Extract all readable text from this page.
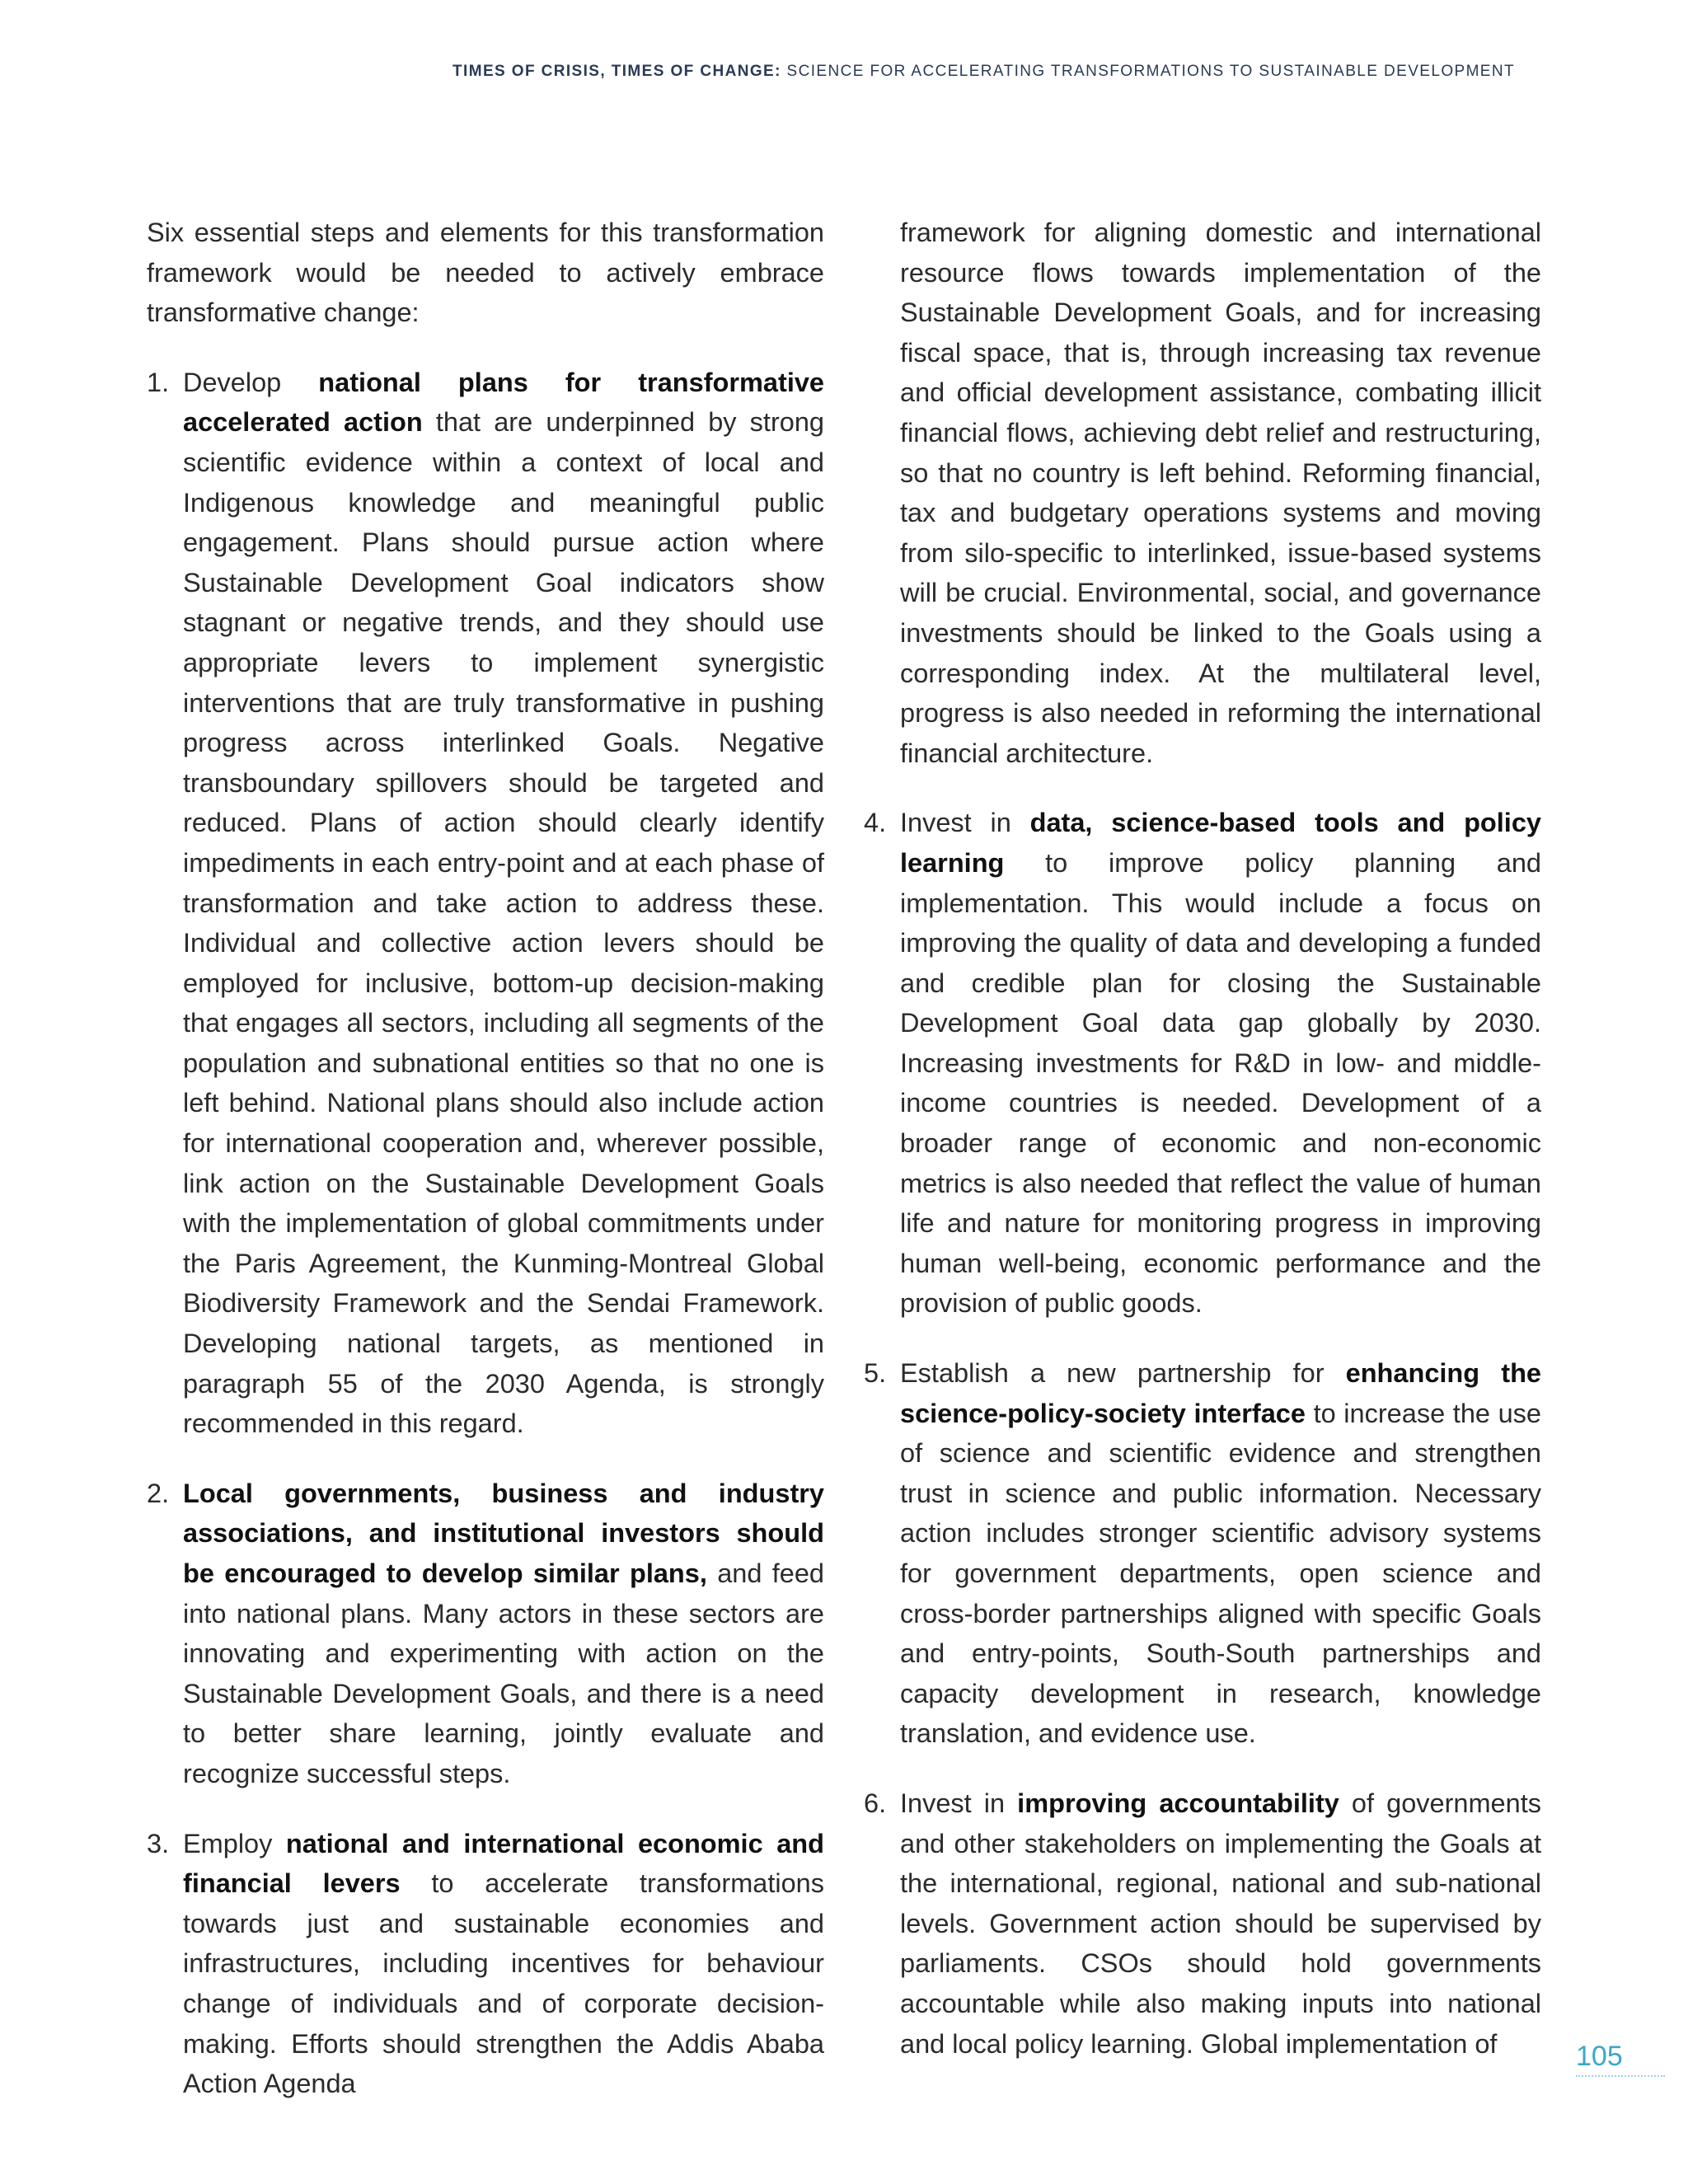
TIMES OF CRISIS, TIMES OF CHANGE: SCIENCE FOR ACCELERATING TRANSFORMATIONS TO SUSTAINABLE DEVELOPMENT

Six essential steps and elements for this transformation framework would be needed to actively embrace transformative change:

1. Develop national plans for transformative accelerated action that are underpinned by strong scientific evidence within a context of local and Indigenous knowledge and meaningful public engagement. Plans should pursue action where Sustainable Development Goal indicators show stagnant or negative trends, and they should use appropriate levers to implement synergistic interventions that are truly transformative in pushing progress across interlinked Goals. Negative transboundary spillovers should be targeted and reduced. Plans of action should clearly identify impediments in each entry-point and at each phase of transformation and take action to address these. Individual and collective action levers should be employed for inclusive, bottom-up decision-making that engages all sectors, including all segments of the population and subnational entities so that no one is left behind. National plans should also include action for international cooperation and, wherever possible, link action on the Sustainable Development Goals with the implementation of global commitments under the Paris Agreement, the Kunming-Montreal Global Biodiversity Framework and the Sendai Framework. Developing national targets, as mentioned in paragraph 55 of the 2030 Agenda, is strongly recommended in this regard.
2. Local governments, business and industry associations, and institutional investors should be encouraged to develop similar plans, and feed into national plans. Many actors in these sectors are innovating and experimenting with action on the Sustainable Development Goals, and there is a need to better share learning, jointly evaluate and recognize successful steps.
3. Employ national and international economic and financial levers to accelerate transformations towards just and sustainable economies and infrastructures, including incentives for behaviour change of individuals and of corporate decision-making. Efforts should strengthen the Addis Ababa Action Agenda
framework for aligning domestic and international resource flows towards implementation of the Sustainable Development Goals, and for increasing fiscal space, that is, through increasing tax revenue and official development assistance, combating illicit financial flows, achieving debt relief and restructuring, so that no country is left behind. Reforming financial, tax and budgetary operations systems and moving from silo-specific to interlinked, issue-based systems will be crucial. Environmental, social, and governance investments should be linked to the Goals using a corresponding index. At the multilateral level, progress is also needed in reforming the international financial architecture.
4. Invest in data, science-based tools and policy learning to improve policy planning and implementation. This would include a focus on improving the quality of data and developing a funded and credible plan for closing the Sustainable Development Goal data gap globally by 2030. Increasing investments for R&D in low- and middle-income countries is needed. Development of a broader range of economic and non-economic metrics is also needed that reflect the value of human life and nature for monitoring progress in improving human well-being, economic performance and the provision of public goods.
5. Establish a new partnership for enhancing the science-policy-society interface to increase the use of science and scientific evidence and strengthen trust in science and public information. Necessary action includes stronger scientific advisory systems for government departments, open science and cross-border partnerships aligned with specific Goals and entry-points, South-South partnerships and capacity development in research, knowledge translation, and evidence use.
6. Invest in improving accountability of governments and other stakeholders on implementing the Goals at the international, regional, national and sub-national levels. Government action should be supervised by parliaments. CSOs should hold governments accountable while also making inputs into national and local policy learning. Global implementation of	105
